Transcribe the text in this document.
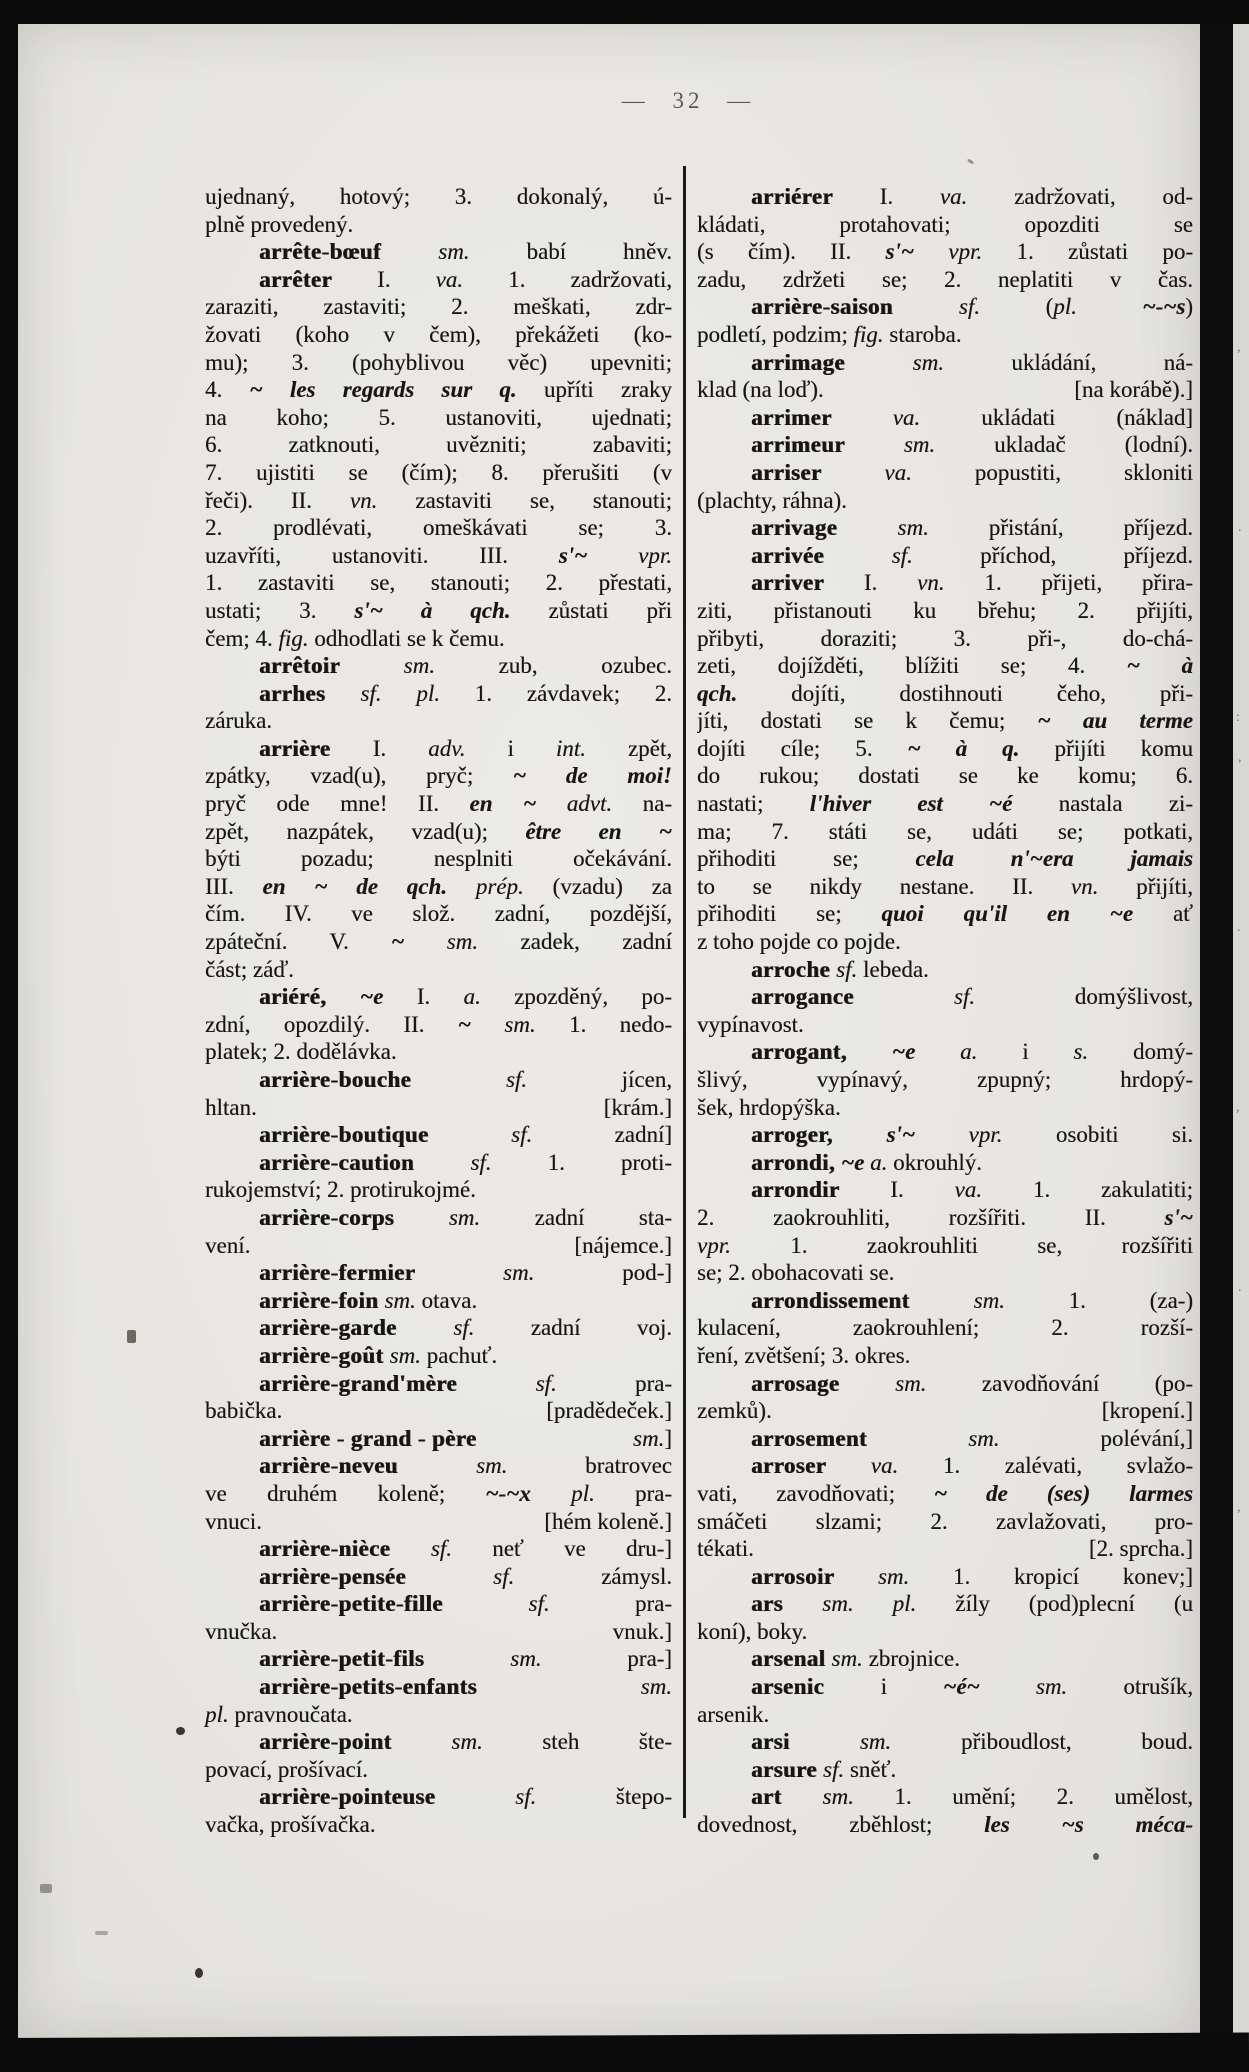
— 32 —
ujednaný, hotový; 3. dokonalý, ú-
plně provedený.
arrête-bœuf sm. babí hněv.
arrêter I. va. 1. zadržovati,
zaraziti, zastaviti; 2. meškati, zdr-
žovati (koho v čem), překážeti (ko-
mu); 3. (pohyblivou věc) upevniti;
4. ~ les regards sur q. upříti zraky
na koho; 5. ustanoviti, ujednati;
6. zatknouti, uvězniti; zabaviti;
7. ujistiti se (čím); 8. přerušiti (v
řeči). II. vn. zastaviti se, stanouti;
2. prodlévati, omeškávati se; 3.
uzavříti, ustanoviti. III. s'~ vpr.
1. zastaviti se, stanouti; 2. přestati,
ustati; 3. s'~ à qch. zůstati při
čem; 4. fig. odhodlati se k čemu.
arrêtoir sm. zub, ozubec.
arrhes sf. pl. 1. závdavek; 2.
záruka.
arrière I. adv. i int. zpět,
zpátky, vzad(u), pryč; ~ de moi!
pryč ode mne! II. en ~ advt. na-
zpět, nazpátek, vzad(u); être en ~
býti pozadu; nesplniti očekávání.
III. en ~ de qch. prép. (vzadu) za
čím. IV. ve slož. zadní, pozdější,
zpáteční. V. ~ sm. zadek, zadní
část; záď.
ariéré, ~e I. a. zpozděný, po-
zdní, opozdilý. II. ~ sm. 1. nedo-
platek; 2. dodělávka.
arrière-bouche sf. jícen,
hltan.	[krám.]
arrière-boutique sf. zadní]
arrière-caution sf. 1. proti-
rukojemství; 2. protirukojmé.
arrière-corps sm. zadní sta-
vení.	[nájemce.]
arrière-fermier sm. pod-]
arrière-foin sm. otava.
arrière-garde sf. zadní voj.
arrière-goût sm. pachuť.
arrière-grand'mère sf. pra-
babička.	[pradědeček.]
arrière - grand - père	sm.]
arrière-neveu sm. bratrovec
ve druhém koleně; ~-~x pl. pra-
vnuci.	[hém koleně.]
arrière-nièce sf. neť ve dru-]
arrière-pensée sf. zámysl.
arrière-petite-fille sf. pra-
vnučka.	vnuk.]
arrière-petit-fils sm. pra-]
arrière-petits-enfants sm.
pl. pravnoučata.
arrière-point sm. steh šte-
povací, prošívací.
arrière-pointeuse sf. štepo-
vačka, prošívačka.
arriérer I. va. zadržovati, od-
kládati, protahovati; opozditi se
(s čím). II. s'~ vpr. 1. zůstati po-
zadu, zdržeti se; 2. neplatiti v čas.
arrière-saison sf. (pl.	~-~s)
podletí, podzim; fig. staroba.
arrimage sm. ukládání, ná-
klad (na loď).	[na korábě).]
arrimer va. ukládati (náklad]
arrimeur sm. ukladač (lodní).
arriser va. popustiti, skloniti
(plachty, ráhna).
arrivage sm. přistání, příjezd.
arrivée sf. příchod, příjezd.
arriver I. vn. 1. přijeti, přira-
ziti, přistanouti ku břehu; 2. přijíti,
přibyti, doraziti; 3. při-, do-chá-
zeti, dojížděti, blížiti se; 4. ~ à
qch. dojíti, dostihnouti čeho, při-
jíti, dostati se k čemu; ~ au terme
dojíti cíle; 5. ~ à q. přijíti komu
do rukou; dostati se ke komu; 6.
nastati; l'hiver est ~é nastala zi-
ma; 7. státi se, udáti se; potkati,
přihoditi se; cela n'~era jamais
to se nikdy nestane. II. vn. přijíti,
přihoditi se; quoi qu'il en ~e ať
z toho pojde co pojde.
arroche sf. lebeda.
arrogance sf. domýšlivost,
vypínavost.
arrogant, ~e a. i s. domý-
šlivý, vypínavý, zpupný; hrdopý-
šek, hrdopýška.
arroger, s'~ vpr. osobiti si.
arrondi, ~e a. okrouhlý.
arrondir I. va. 1. zakulatiti;
2. zaokrouhliti, rozšířiti. II. s'~
vpr. 1. zaokrouhliti se, rozšířiti
se; 2. obohacovati se.
arrondissement sm. 1. (za-)
kulacení, zaokrouhlení; 2. rozší-
ření, zvětšení; 3. okres.
arrosage sm. zavodňování (po-
zemků).	[kropení.]
arrosement sm. polévání,]
arroser va. 1. zalévati, svlažo-
vati, zavodňovati; ~ de (ses) larmes
smáčeti slzami; 2. zavlažovati, pro-
tékati.	[2. sprcha.]
arrosoir sm. 1. kropicí konev;]
ars sm. pl. žíly (pod)plecní (u
koní), boky.
arsenal sm. zbrojnice.
arsenic i ~é~ sm. otrušík,
arsenik.
arsi sm. přiboudlost, boud.
arsure sf. sněť.
art sm. 1. umění; 2. umělost,
dovednost, zběhlost; les ~s méca-
,
.
:
,
.
,
.
,
